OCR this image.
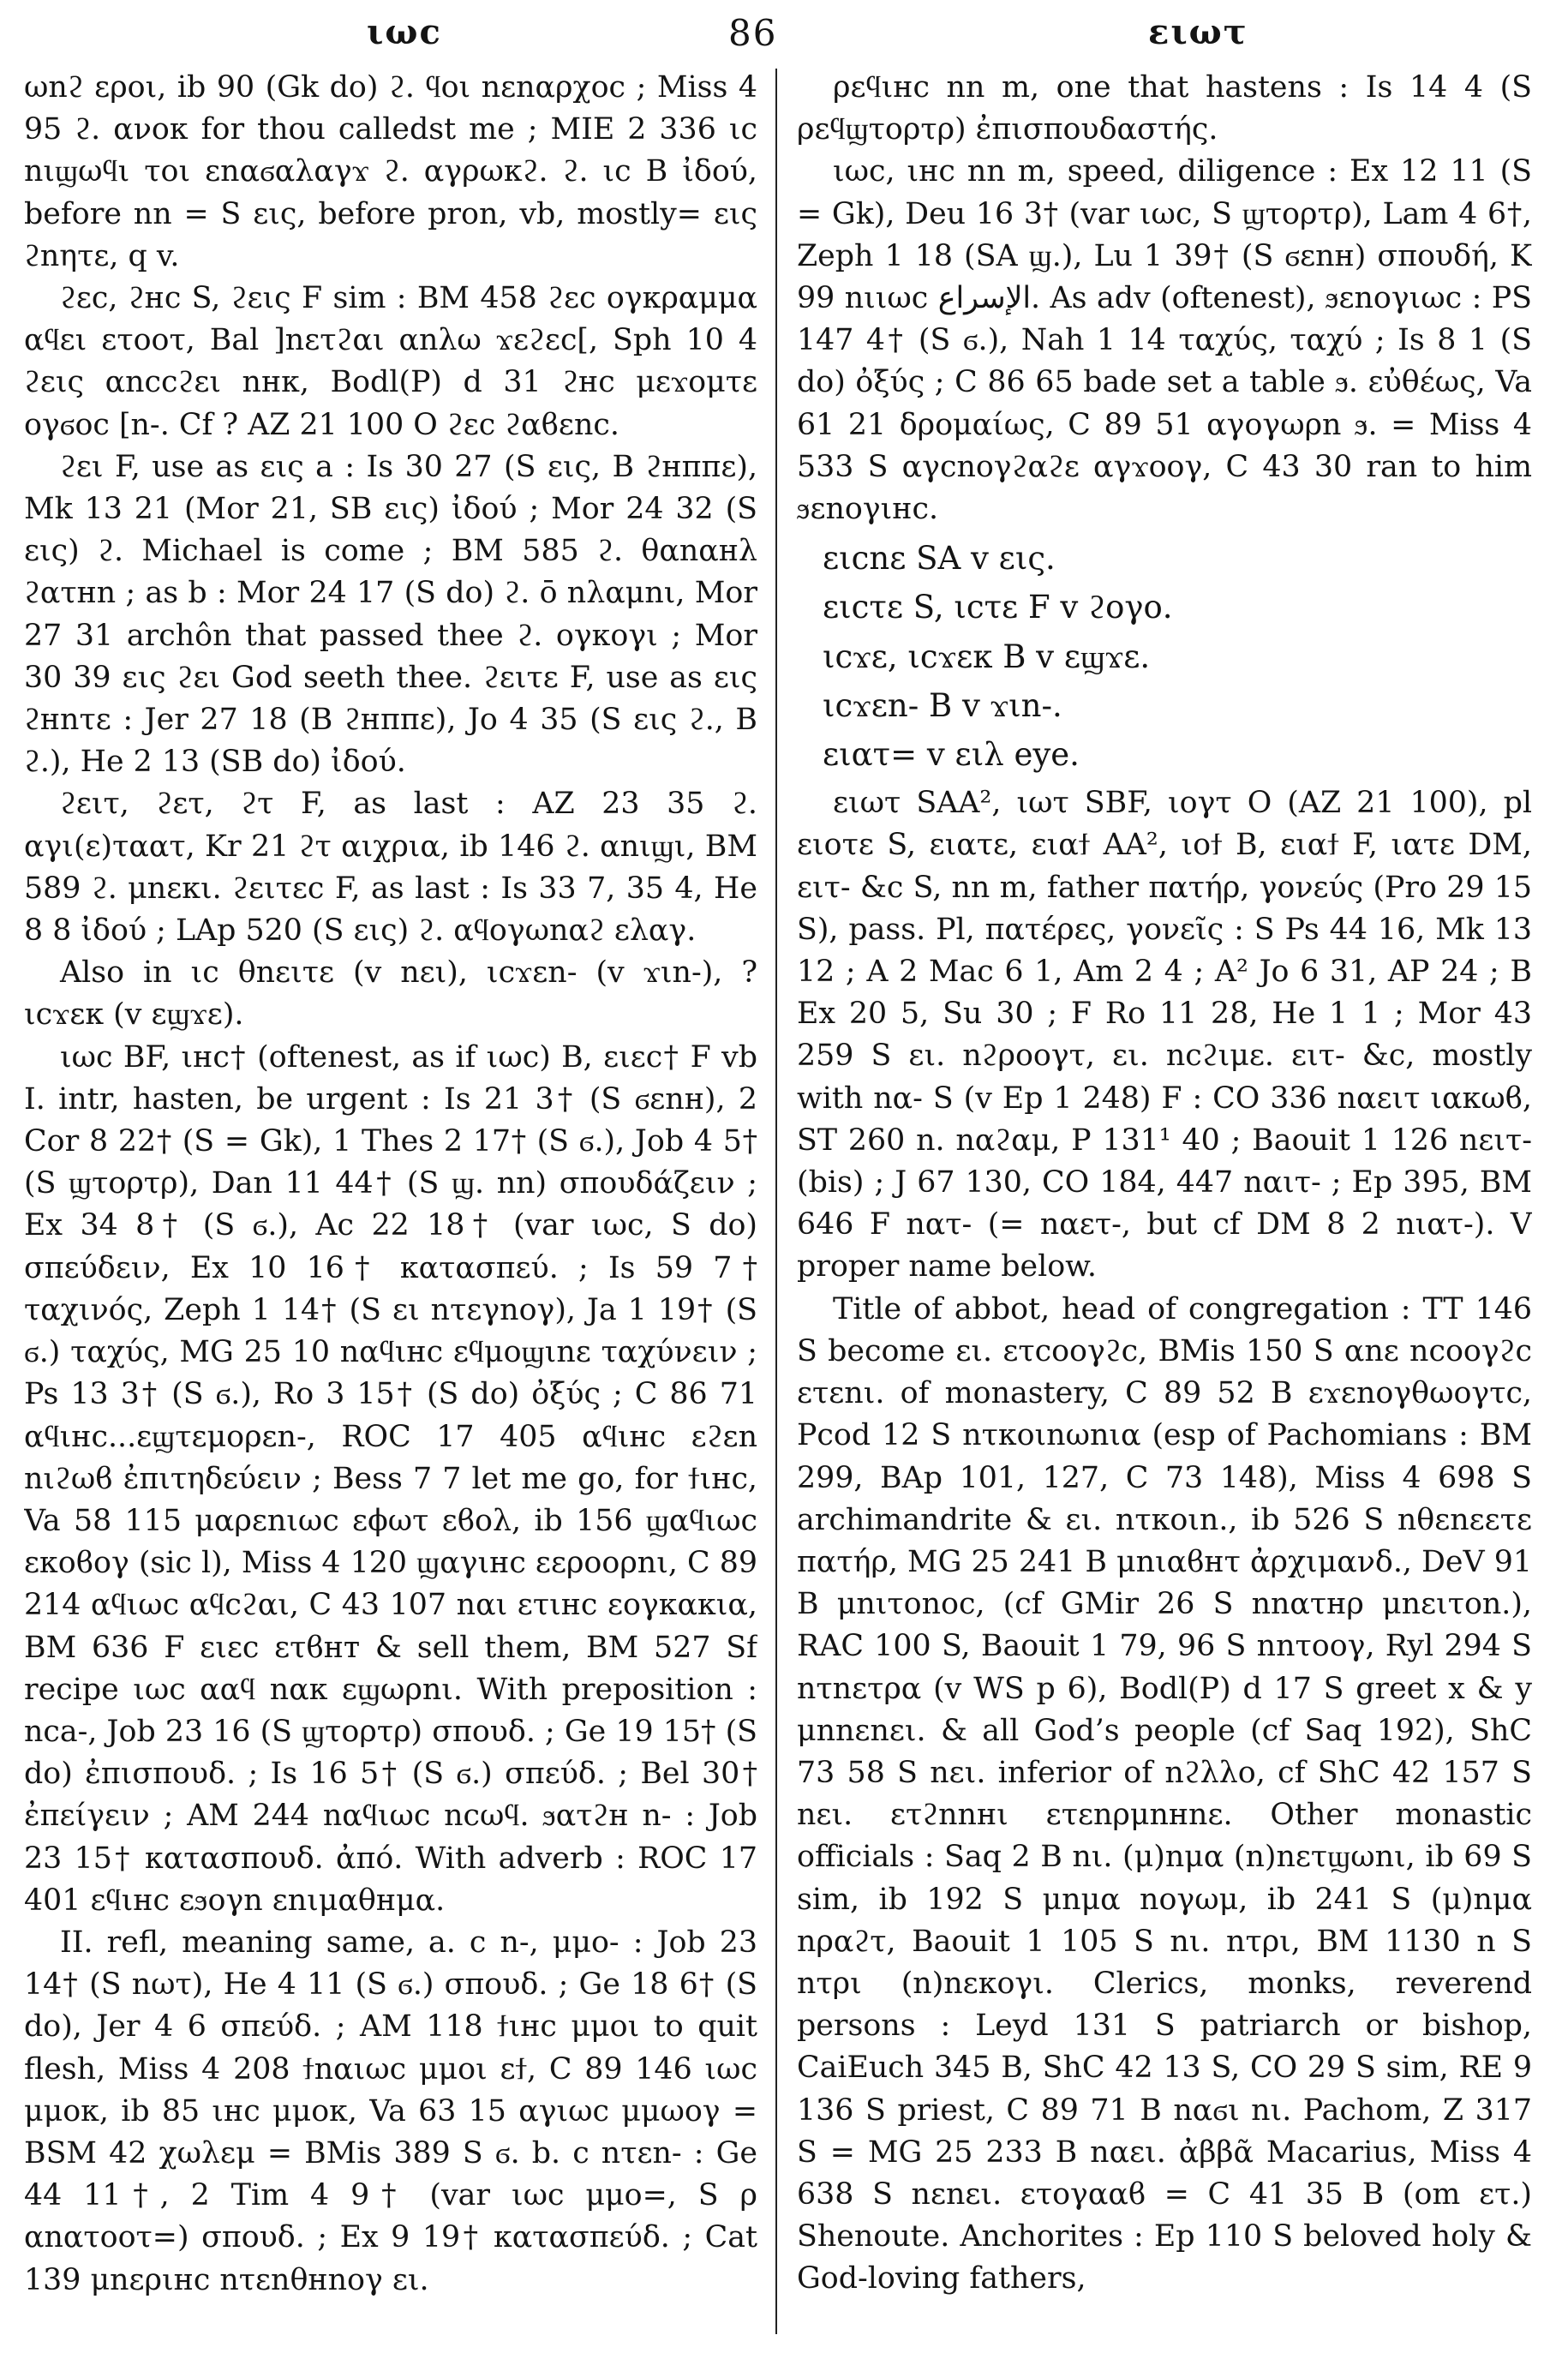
ιωc	86	ειωτ

ωnϩ εροι, ib 90 (Gk do) ϩ. ϥοι nεnαρχoc ; Miss 4 95 ϩ. ανοκ for thou calledst me ; MIE 2 336 ιc nιϣωϥι τοι εnαϭαλαγϫ ϩ. αγρωκϩ. ϩ. ιc B ἰδού, before nn = S εις, before pron, vb, mostly= εις ϩnητε, q v.

ϩεc, ϩнc S, ϩεις F sim : BM 458 ϩεc ογκραμμα αϥει ετοοτ, Bal ]nετϩαι αnλω ϫεϩεc[, Sph 10 4 ϩεις αnccϩει nнκ, Bodl(P) d 31 ϩнc μεϫομτε ογϭoc [n-. Cf ? AZ 21 100 O ϩεc ϩαϐεnc.

ϩει F, use as εις a : Is 30 27 (S εις, B ϩнππε), Mk 13 21 (Mor 21, SB εις) ἰδού ; Mor 24 32 (S εις) ϩ. Michael is come ; BM 585 ϩ. θαnαнλ ϩατнn ; as b : Mor 24 17 (S do) ϩ. ō nλαμnι, Mor 27 31 archôn that passed thee ϩ. ογκογι ; Mor 30 39 εις ϩει God seeth thee. ϩειτε F, use as εις ϩнnτε : Jer 27 18 (B ϩнππε), Jo 4 35 (S εις ϩ., B ϩ.), He 2 13 (SB do) ἰδού.

ϩειτ, ϩετ, ϩτ F, as last : AZ 23 35 ϩ. αγι(ε)ταατ, Kr 21 ϩτ αιχρια, ib 146 ϩ. αnιϣι, BM 589 ϩ. μnεκι. ϩειτεc F, as last : Is 33 7, 35 4, He 8 8 ἰδού ; LAp 520 (S εις) ϩ. αϥογωnαϩ ελαγ.

Also in ιc θnειτε (v nει), ιcϫεn- (v ϫιn-), ? ιcϫεκ (v εϣϫε).

ιωc BF, ιнc† (oftenest, as if ιωc) B, ειεc† F vb I. intr, hasten, be urgent : Is 21 3† (S ϭεnн), 2 Cor 8 22† (S = Gk), 1 Thes 2 17† (S ϭ.), Job 4 5† (S ϣτορτρ), Dan 11 44† (S ϣ. nn) σπουδάζειν ; Ex 34 8† (S ϭ.), Ac 22 18† (var ιωc, S do) σπεύδειν, Ex 10 16† κατασπεύ. ; Is 59 7† ταχινός, Zeph 1 14† (S ει nτεγnογ), Ja 1 19† (S ϭ.) ταχύς, MG 25 10 nαϥιнc εϥμοϣιnε ταχύνειν ; Ps 13 3† (S ϭ.), Ro 3 15† (S do) ὀξύς ; C 86 71 αϥιнc...εϣτεμορεn-, ROC 17 405 αϥιнc εϩεn nιϩωϐ ἐπιτηδεύειν ; Bess 7 7 let me go, for ϯιнc, Va 58 115 μαρεnιωc εϕωτ εϐολ, ib 156 ϣαϥιωc εκοϐογ (sic l), Miss 4 120 ϣαγιнc εεροορnι, C 89 214 αϥιωc αϥcϩαι, C 43 107 nαι ετιнc εογκακια, BM 636 F ειεc ετϐнт & sell them, BM 527 Sf recipe ιωc ααϥ nακ εϣωρnι. With preposition : nca-, Job 23 16 (S ϣτορτρ) σπουδ. ; Ge 19 15† (S do) ἐπισπουδ. ; Is 16 5† (S ϭ.) σπεύδ. ; Bel 30† ἐπείγειν ; AM 244 nαϥιωc ncωϥ. ϧατϩн n- : Job 23 15† κατασπουδ. ἀπό. With adverb : ROC 17 401 εϥιнc εϧογn εnιμαθнμα.

II. refl, meaning same, a. c n-, μμο- : Job 23 14† (S nωτ), He 4 11 (S ϭ.) σπουδ. ; Ge 18 6† (S do), Jer 4 6 σπεύδ. ; AM 118 ϯιнc μμοι to quit flesh, Miss 4 208 ϯnαιωc μμοι εϯ, C 89 146 ιωc μμοκ, ib 85 ιнc μμοκ, Va 63 15 αγιωc μμωογ = BSM 42 χωλεμ = BMis 389 S ϭ. b. c nτεn- : Ge 44 11†, 2 Tim 4 9† (var ιωc μμο=, S ρ αnατοοτ=) σπουδ. ; Ex 9 19† κατασπεύδ. ; Cat 139 μnεριнc nτεnθнnογ ει.

ρεϥιнc nn m, one that hastens : Is 14 4 (S ρεϥϣτορτρ) ἐπισπουδαστής.

ιωc, ιнc nn m, speed, diligence : Ex 12 11 (S = Gk), Deu 16 3† (var ιωc, S ϣτορτρ), Lam 4 6†, Zeph 1 18 (SA ϣ.), Lu 1 39† (S ϭεnн) σπουδή, K 99 nιιωc ﺍﻹﺳﺮﺍﻉ. As adv (oftenest), ϧεnογιωc : PS 147 4† (S ϭ.), Nah 1 14 ταχύς, ταχύ ; Is 8 1 (S do) ὀξύς ; C 86 65 bade set a table ϧ. εὐθέως, Va 61 21 δρομαίως, C 89 51 αγογωρn ϧ. = Miss 4 533 S αγcnογϩαϩε αγϫοογ, C 43 30 ran to him ϧεnογιнc.

ειcnε SA v εις.

ειcτε S, ιcτε F v ϩογο.

ιcϫε, ιcϫεκ B v εϣϫε.

ιcϫεn- B v ϫιn-.

ειατ= v ειλ eye.

ειωτ SAA², ιωτ SBF, ιογτ O (AZ 21 100), pl ειοτε S, ειατε, ειαϯ AA², ιοϯ B, ειαϯ F, ιατε DM, ειτ- &c S, nn m, father πατήρ, γονεύς (Pro 29 15 S), pass. Pl, πατέρες, γονεῖς : S Ps 44 16, Mk 13 12 ; A 2 Mac 6 1, Am 2 4 ; A² Jo 6 31, AP 24 ; B Ex 20 5, Su 30 ; F Ro 11 28, He 1 1 ; Mor 43 259 S ει. nϩρooγτ, ει. nϲϩιμε. ειτ- &c, mostly with nα- S (v Ep 1 248) F : CO 336 nαειτ ιακωϐ, ST 260 n. nαϩαμ, P 131¹ 40 ; Baouit 1 126 nειτ- (bis) ; J 67 130, CO 184, 447 nαιτ- ; Ep 395, BM 646 F nατ- (= nαετ-, but cf DM 8 2 nιατ-). V proper name below.

Title of abbot, head of congregation : TT 146 S become ει. ετcooγϩc, BMis 150 S αnε ncooγϩc ετεnι. of monastery, C 89 52 B εϫεnογθωογτc, Pcod 12 S nτκοιnωnια (esp of Pachomians : BM 299, BAp 101, 127, C 73 148), Miss 4 698 S archimandrite & ει. nτκοιn., ib 526 S nθεnεετε πατήρ, MG 25 241 B μnιαϐнτ ἀρχιμανδ., DeV 91 B μnιτοnοc, (cf GMir 26 S nnατнρ μnειτοn.), RAC 100 S, Baouit 1 79, 96 S nnτooγ, Ryl 294 S nτnετρα (v WS p 6), Bodl(P) d 17 S greet x & y μnnεnει. & all God’s people (cf Saq 192), ShC 73 58 S nει. inferior of nϩλλο, cf ShC 42 157 S nει. ετϩnnнι ετεnρμnнnε. Other monastic officials : Saq 2 B nι. (μ)nμα (n)nετϣωnι, ib 69 S sim, ib 192 S μnμα nογωμ, ib 241 S (μ)nμα nραϩτ, Baouit 1 105 S nι. nτρι, BM 1130 n S nτρι (n)nεκογι. Clerics, monks, reverend persons : Leyd 131 S patriarch or bishop, CaiEuch 345 B, ShC 42 13 S, CO 29 S sim, RE 9 136 S priest, C 89 71 B nαϭι nι. Pachom, Z 317 S = MG 25 233 B nαει. ἀββᾶ Macarius, Miss 4 638 S nεnει. ετογααϐ = C 41 35 B (om ετ.) Shenoute. Anchorites : Ep 110 S beloved holy & God-loving fathers,
